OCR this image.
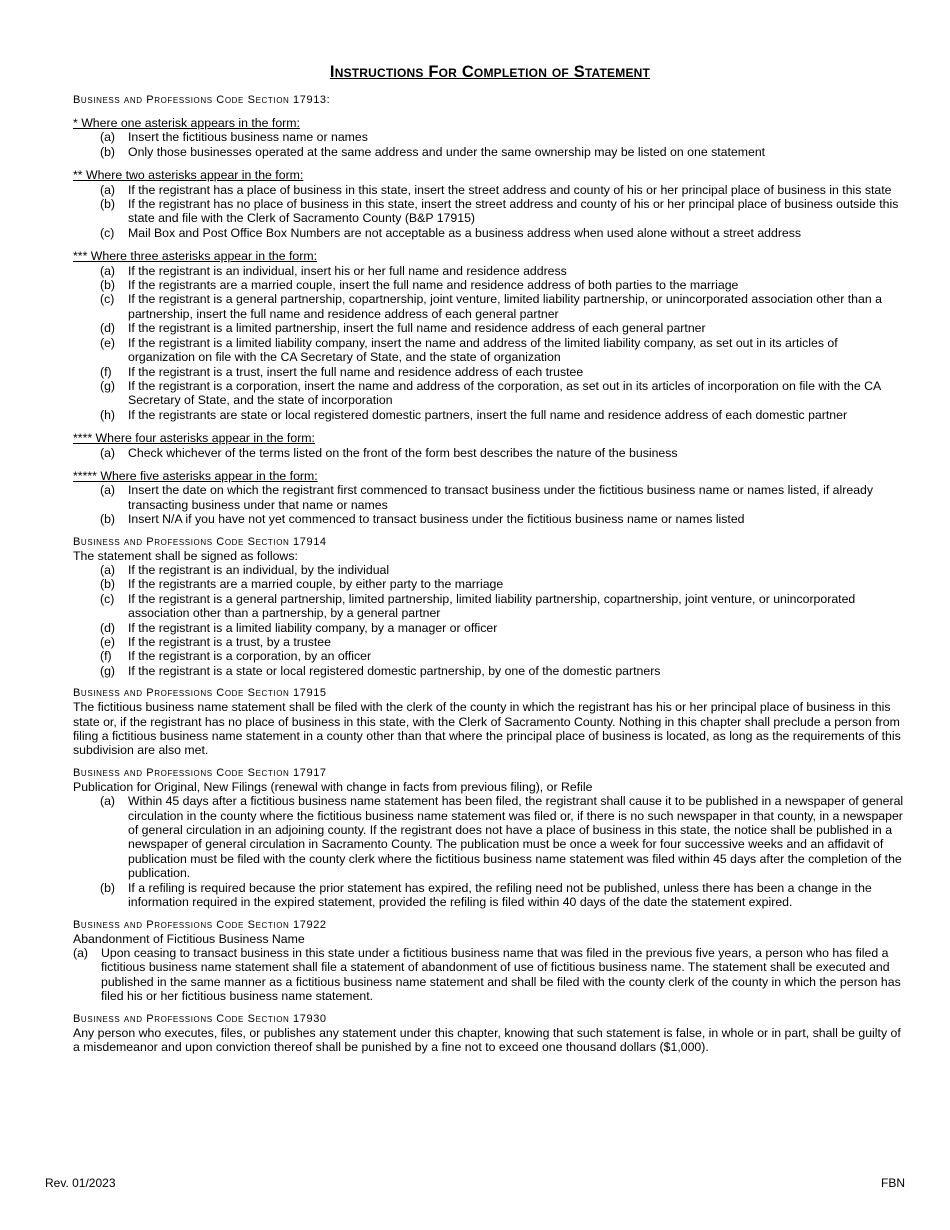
Instructions For Completion of Statement
Business and Professions Code Section 17913:
* Where one asterisk appears in the form:
(a) Insert the fictitious business name or names
(b) Only those businesses operated at the same address and under the same ownership may be listed on one statement
** Where two asterisks appear in the form:
(a) If the registrant has a place of business in this state, insert the street address and county of his or her principal place of business in this state
(b) If the registrant has no place of business in this state, insert the street address and county of his or her principal place of business outside this state and file with the Clerk of Sacramento County (B&P 17915)
(c) Mail Box and Post Office Box Numbers are not acceptable as a business address when used alone without a street address
*** Where three asterisks appear in the form:
(a) If the registrant is an individual, insert his or her full name and residence address
(b) If the registrants are a married couple, insert the full name and residence address of both parties to the marriage
(c) If the registrant is a general partnership, copartnership, joint venture, limited liability partnership, or unincorporated association other than a partnership, insert the full name and residence address of each general partner
(d) If the registrant is a limited partnership, insert the full name and residence address of each general partner
(e) If the registrant is a limited liability company, insert the name and address of the limited liability company, as set out in its articles of organization on file with the CA Secretary of State, and the state of organization
(f) If the registrant is a trust, insert the full name and residence address of each trustee
(g) If the registrant is a corporation, insert the name and address of the corporation, as set out in its articles of incorporation on file with the CA Secretary of State, and the state of incorporation
(h) If the registrants are state or local registered domestic partners, insert the full name and residence address of each domestic partner
**** Where four asterisks appear in the form:
(a) Check whichever of the terms listed on the front of the form best describes the nature of the business
***** Where five asterisks appear in the form:
(a) Insert the date on which the registrant first commenced to transact business under the fictitious business name or names listed, if already transacting business under that name or names
(b) Insert N/A if you have not yet commenced to transact business under the fictitious business name or names listed
Business and Professions Code Section 17914

The statement shall be signed as follows:

(a) If the registrant is an individual, by the individual
(b) If the registrants are a married couple, by either party to the marriage
(c) If the registrant is a general partnership, limited partnership, limited liability partnership, copartnership, joint venture, or unincorporated association other than a partnership, by a general partner
(d) If the registrant is a limited liability company, by a manager or officer
(e) If the registrant is a trust, by a trustee
(f) If the registrant is a corporation, by an officer
(g) If the registrant is a state or local registered domestic partnership, by one of the domestic partners
Business and Professions Code Section 17915

The fictitious business name statement shall be filed with the clerk of the county in which the registrant has his or her principal place of business in this state or, if the registrant has no place of business in this state, with the Clerk of Sacramento County. Nothing in this chapter shall preclude a person from filing a fictitious business name statement in a county other than that where the principal place of business is located, as long as the requirements of this subdivision are also met.

Business and Professions Code Section 17917

Publication for Original, New Filings (renewal with change in facts from previous filing), or Refile

(a) Within 45 days after a fictitious business name statement has been filed, the registrant shall cause it to be published in a newspaper of general circulation in the county where the fictitious business name statement was filed or, if there is no such newspaper in that county, in a newspaper of general circulation in an adjoining county. If the registrant does not have a place of business in this state, the notice shall be published in a newspaper of general circulation in Sacramento County. The publication must be once a week for four successive weeks and an affidavit of publication must be filed with the county clerk where the fictitious business name statement was filed within 45 days after the completion of the publication.
(b) If a refiling is required because the prior statement has expired, the refiling need not be published, unless there has been a change in the information required in the expired statement, provided the refiling is filed within 40 days of the date the statement expired.
Business and Professions Code Section 17922

Abandonment of Fictitious Business Name

(a) Upon ceasing to transact business in this state under a fictitious business name that was filed in the previous five years, a person who has filed a fictitious business name statement shall file a statement of abandonment of use of fictitious business name. The statement shall be executed and published in the same manner as a fictitious business name statement and shall be filed with the county clerk of the county in which the person has filed his or her fictitious business name statement.
Business and Professions Code Section 17930

Any person who executes, files, or publishes any statement under this chapter, knowing that such statement is false, in whole or in part, shall be guilty of a misdemeanor and upon conviction thereof shall be punished by a fine not to exceed one thousand dollars ($1,000).

Rev. 01/2023	FBN
